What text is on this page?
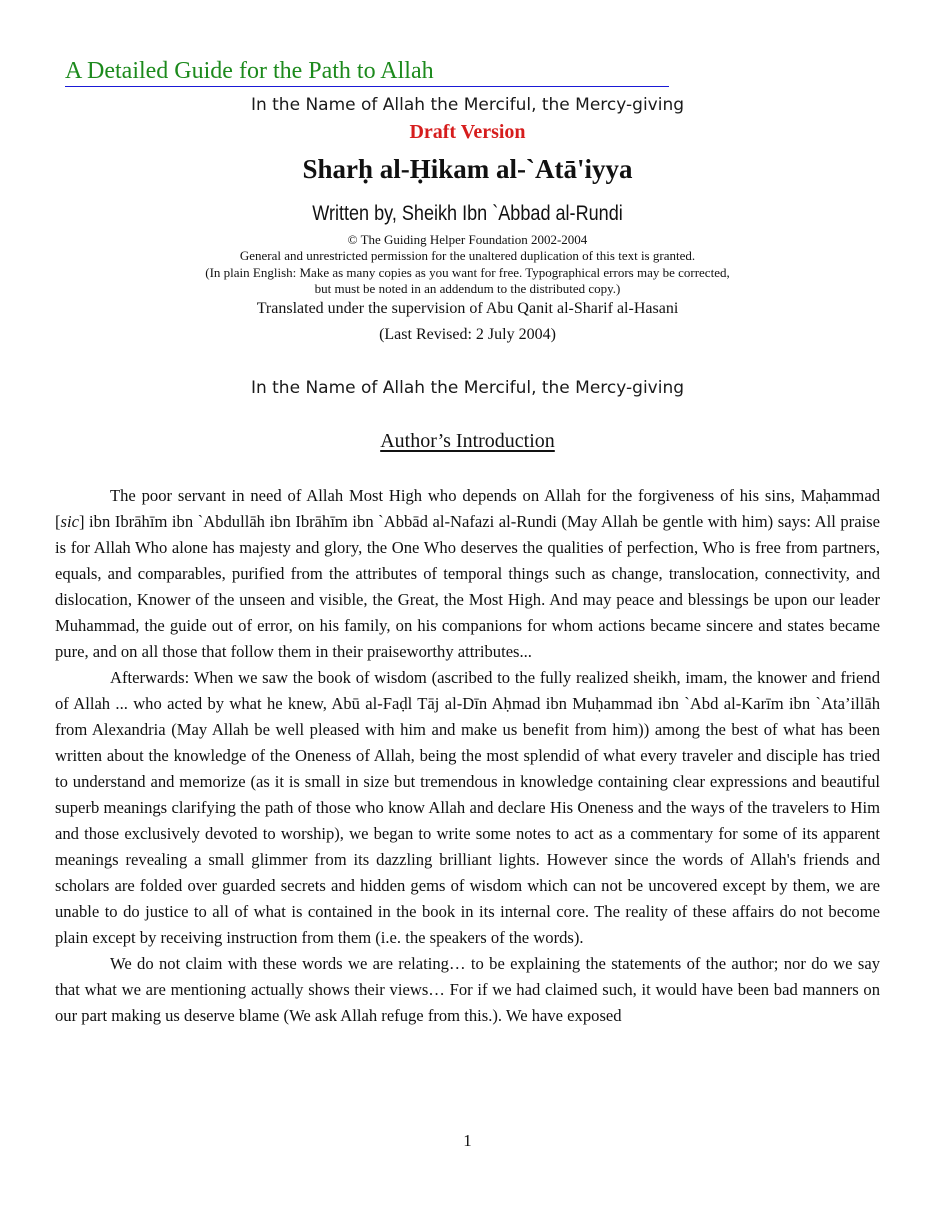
A Detailed Guide for the Path to Allah
In the Name of Allah the Merciful, the Mercy-giving
Draft Version
Sharḥ al-Ḥikam al-`Atā'iyya
Written by, Sheikh Ibn `Abbad al-Rundi
© The Guiding Helper Foundation 2002-2004
General and unrestricted permission for the unaltered duplication of this text is granted.
(In plain English: Make as many copies as you want for free. Typographical errors may be corrected,
but must be noted in an addendum to the distributed copy.)
Translated under the supervision of Abu Qanit al-Sharif al-Hasani
(Last Revised: 2 July 2004)
In the Name of Allah the Merciful, the Mercy-giving
Author’s Introduction

The poor servant in need of Allah Most High who depends on Allah for the forgiveness of his sins, Maḥammad [sic] ibn Ibrāhīm ibn `Abdullāh ibn Ibrāhīm ibn `Abbād al-Nafazi al-Rundi (May Allah be gentle with him) says: All praise is for Allah Who alone has majesty and glory, the One Who deserves the qualities of perfection, Who is free from partners, equals, and comparables, purified from the attributes of temporal things such as change, translocation, connectivity, and dislocation, Knower of the unseen and visible, the Great, the Most High. And may peace and blessings be upon our leader Muhammad, the guide out of error, on his family, on his companions for whom actions became sincere and states became pure, and on all those that follow them in their praiseworthy attributes...

Afterwards: When we saw the book of wisdom (ascribed to the fully realized sheikh, imam, the knower and friend of Allah ... who acted by what he knew, Abū al-Faḍl Tāj al-Dīn Aḥmad ibn Muḥammad ibn `Abd al-Karīm ibn `Ata’illāh from Alexandria (May Allah be well pleased with him and make us benefit from him)) among the best of what has been written about the knowledge of the Oneness of Allah, being the most splendid of what every traveler and disciple has tried to understand and memorize (as it is small in size but tremendous in knowledge containing clear expressions and beautiful superb meanings clarifying the path of those who know Allah and declare His Oneness and the ways of the travelers to Him and those exclusively devoted to worship), we began to write some notes to act as a commentary for some of its apparent meanings revealing a small glimmer from its dazzling brilliant lights. However since the words of Allah's friends and scholars are folded over guarded secrets and hidden gems of wisdom which can not be uncovered except by them, we are unable to do justice to all of what is contained in the book in its internal core. The reality of these affairs do not become plain except by receiving instruction from them (i.e. the speakers of the words).

We do not claim with these words we are relating… to be explaining the statements of the author; nor do we say that what we are mentioning actually shows their views… For if we had claimed such, it would have been bad manners on our part making us deserve blame (We ask Allah refuge from this.). We have exposed

1
